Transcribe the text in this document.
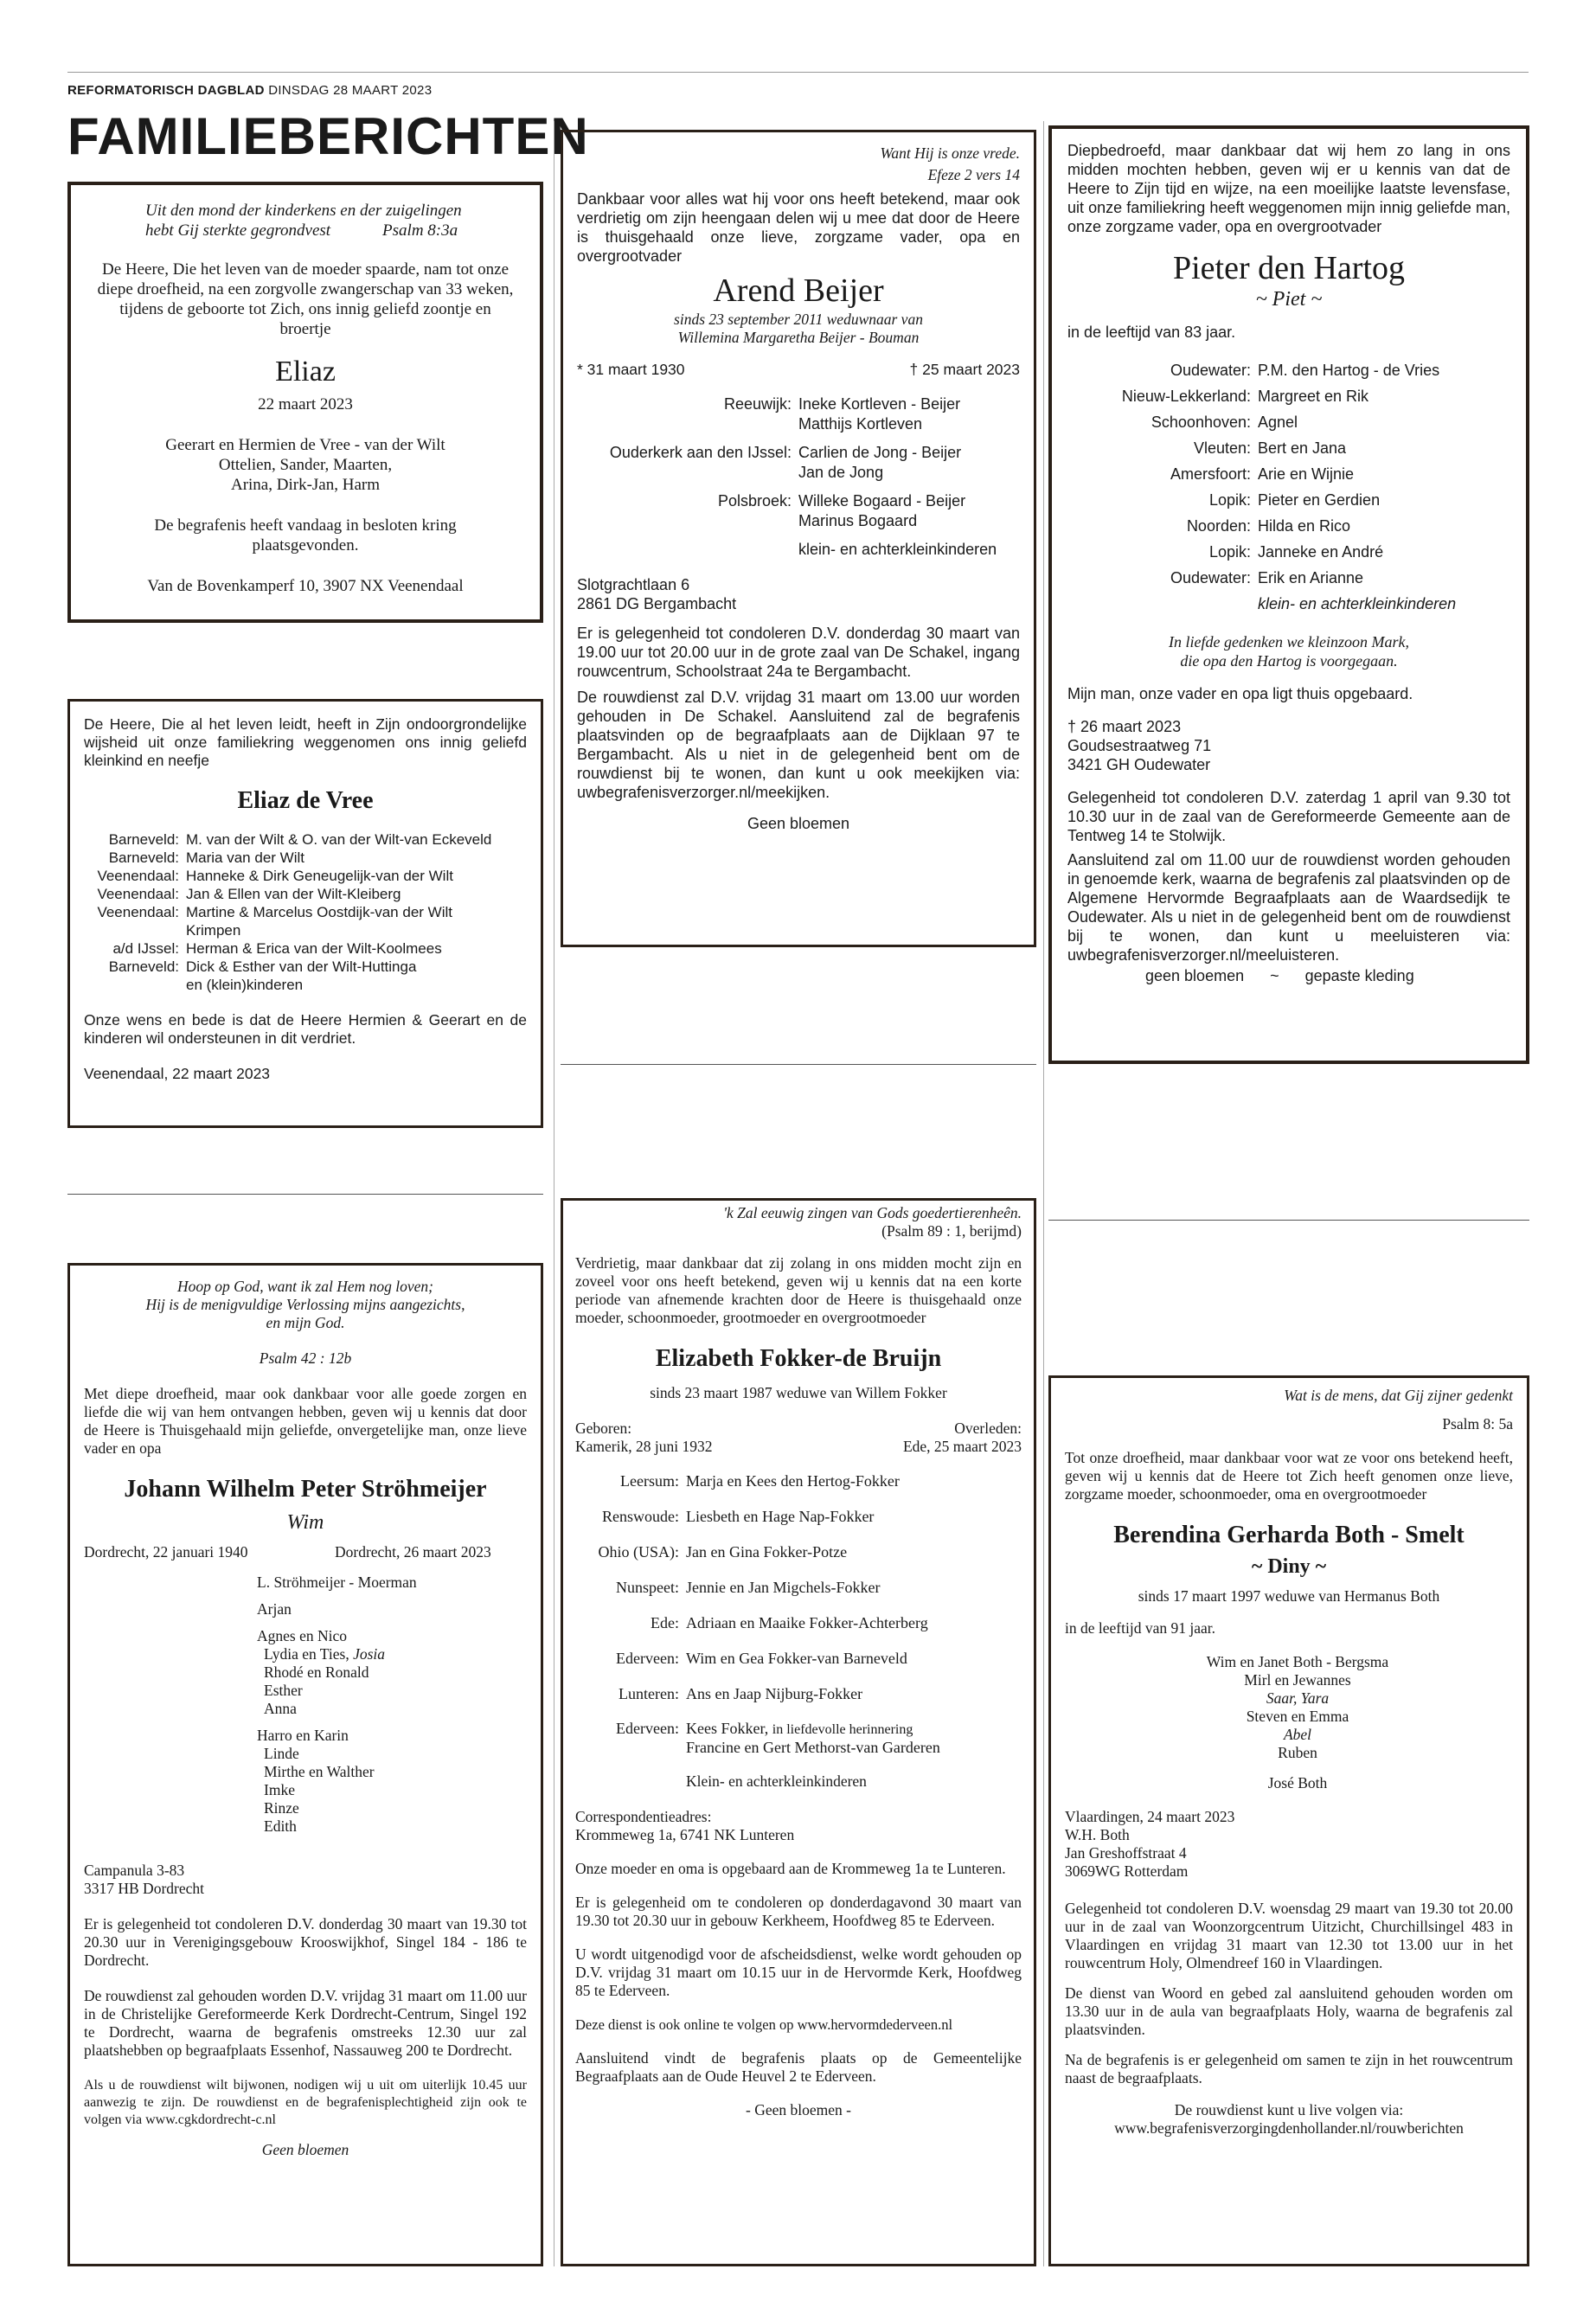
REFORMATORISCH DAGBLAD DINSDAG 28 MAART 2023
FAMILIEBERICHTEN

Uit den mond der kinderkens en der zuigelingen

hebt Gij sterkte gegrondvest	Psalm 8:3a

De Heere, Die het leven van de moeder spaarde, nam tot onze diepe droefheid, na een zorgvolle zwangerschap van 33 weken, tijdens de geboorte tot Zich, ons innig geliefd zoontje en broertje

Eliaz

22 maart 2023

Geerart en Hermien de Vree - van der Wilt

Ottelien, Sander, Maarten,

Arina, Dirk-Jan, Harm

De begrafenis heeft vandaag in besloten kring plaatsgevonden.

Van de Bovenkamperf 10, 3907 NX Veenendaal

De Heere, Die al het leven leidt, heeft in Zijn ondoorgrondelijke wijsheid uit onze familiekring weggenomen ons innig geliefd kleinkind en neefje

Eliaz de Vree

Barneveld: M. van der Wilt & O. van der Wilt-van Eckeveld
Barneveld: Maria van der Wilt
Veenendaal: Hanneke & Dirk Geneugelijk-van der Wilt
Veenendaal: Jan & Ellen van der Wilt-Kleiberg
Veenendaal: Martine & Marcelus Oostdijk-van der Wilt
Krimpen
a/d IJssel: Herman & Erica van der Wilt-Koolmees
Barneveld: Dick & Esther van der Wilt-Huttinga
en (klein)kinderen

Onze wens en bede is dat de Heere Hermien & Geerart en de kinderen wil ondersteunen in dit verdriet.

Veenendaal, 22 maart 2023

Hoop op God, want ik zal Hem nog loven;

Hij is de menigvuldige Verlossing mijns aangezichts,

en mijn God.

Psalm 42 : 12b

Met diepe droefheid, maar ook dankbaar voor alle goede zorgen en liefde die wij van hem ontvangen hebben, geven wij u kennis dat door de Heere is Thuisgehaald mijn geliefde, onvergetelijke man, onze lieve vader en opa

Johann Wilhelm Peter Ströhmeijer

Wim

Dordrecht, 22 januari 1940	Dordrecht, 26 maart 2023

L. Ströhmeijer - Moerman

Arjan

Agnes en Nico

Lydia en Ties, Josia

Rhodé en Ronald

Esther

Anna

Harro en Karin

Linde

Mirthe en Walther

Imke

Rinze

Edith

Campanula 3-83

3317 HB Dordrecht

Er is gelegenheid tot condoleren D.V. donderdag 30 maart van 19.30 tot 20.30 uur in Verenigingsgebouw Krooswijkhof, Singel 184 - 186 te Dordrecht.

De rouwdienst zal gehouden worden D.V. vrijdag 31 maart om 11.00 uur in de Christelijke Gereformeerde Kerk Dordrecht-Centrum, Singel 192 te Dordrecht, waarna de begrafenis omstreeks 12.30 uur zal plaatshebben op begraafplaats Essenhof, Nassauweg 200 te Dordrecht.

Als u de rouwdienst wilt bijwonen, nodigen wij u uit om uiterlijk 10.45 uur aanwezig te zijn. De rouwdienst en de begrafenisplechtigheid zijn ook te volgen via www.cgkdordrecht-c.nl

Geen bloemen

Want Hij is onze vrede.

Efeze 2 vers 14

Dankbaar voor alles wat hij voor ons heeft betekend, maar ook verdrietig om zijn heengaan delen wij u mee dat door de Heere is thuisgehaald onze lieve, zorgzame vader, opa en overgrootvader

Arend Beijer

sinds 23 september 2011 weduwnaar van

Willemina Margaretha Beijer - Bouman

* 31 maart 1930	† 25 maart 2023
Reeuwijk: Ineke Kortleven - Beijer
Matthijs Kortleven
Ouderkerk aan den IJssel: Carlien de Jong - Beijer
Jan de Jong
Polsbroek: Willeke Bogaard - Beijer
Marinus Bogaard
klein- en achterkleinkinderen

Slotgrachtlaan 6

2861 DG Bergambacht

Er is gelegenheid tot condoleren D.V. donderdag 30 maart van 19.00 uur tot 20.00 uur in de grote zaal van De Schakel, ingang rouwcentrum, Schoolstraat 24a te Bergambacht.

De rouwdienst zal D.V. vrijdag 31 maart om 13.00 uur worden gehouden in De Schakel. Aansluitend zal de begrafenis plaatsvinden op de begraafplaats aan de Dijklaan 97 te Bergambacht. Als u niet in de gelegenheid bent om de rouwdienst bij te wonen, dan kunt u ook meekijken via: uwbegrafenisverzorger.nl/meekijken.

Geen bloemen

'k Zal eeuwig zingen van Gods goedertierenheên.

(Psalm 89 : 1, berijmd)

Verdrietig, maar dankbaar dat zij zolang in ons midden mocht zijn en zoveel voor ons heeft betekend, geven wij u kennis dat na een korte periode van afnemende krachten door de Heere is thuisgehaald onze moeder, schoonmoeder, grootmoeder en overgrootmoeder

Elizabeth Fokker-de Bruijn

sinds 23 maart 1987 weduwe van Willem Fokker

Geboren:

Kamerik, 28 juni 1932

Overleden:

Ede, 25 maart 2023

Leersum: Marja en Kees den Hertog-Fokker
Renswoude: Liesbeth en Hage Nap-Fokker
Ohio (USA): Jan en Gina Fokker-Potze
Nunspeet: Jennie en Jan Migchels-Fokker
Ede: Adriaan en Maaike Fokker-Achterberg
Ederveen: Wim en Gea Fokker-van Barneveld
Lunteren: Ans en Jaap Nijburg-Fokker
Ederveen: Kees Fokker, in liefdevolle herinnering
Francine en Gert Methorst-van Garderen

Klein- en achterkleinkinderen

Correspondentieadres:

Krommeweg 1a, 6741 NK Lunteren

Onze moeder en oma is opgebaard aan de Krommeweg 1a te Lunteren.

Er is gelegenheid om te condoleren op donderdagavond 30 maart van 19.30 tot 20.30 uur in gebouw Kerkheem, Hoofdweg 85 te Ederveen.

U wordt uitgenodigd voor de afscheidsdienst, welke wordt gehouden op D.V. vrijdag 31 maart om 10.15 uur in de Hervormde Kerk, Hoofdweg 85 te Ederveen.

Deze dienst is ook online te volgen op www.hervormdederveen.nl

Aansluitend vindt de begrafenis plaats op de Gemeentelijke Begraafplaats aan de Oude Heuvel 2 te Ederveen.

- Geen bloemen -

Diepbedroefd, maar dankbaar dat wij hem zo lang in ons midden mochten hebben, geven wij er u kennis van dat de Heere to Zijn tijd en wijze, na een moeilijke laatste levensfase, uit onze familiekring heeft weggenomen mijn innig geliefde man, onze zorgzame vader, opa en overgrootvader

Pieter den Hartog

~ Piet ~

in de leeftijd van 83 jaar.

Oudewater: P.M. den Hartog - de Vries
Nieuw-Lekkerland: Margreet en Rik
Schoonhoven: Agnel
Vleuten: Bert en Jana
Amersfoort: Arie en Wijnie
Lopik: Pieter en Gerdien
Noorden: Hilda en Rico
Lopik: Janneke en André
Oudewater: Erik en Arianne

klein- en achterkleinkinderen

In liefde gedenken we kleinzoon Mark,

die opa den Hartog is voorgegaan.

Mijn man, onze vader en opa ligt thuis opgebaard.

† 26 maart 2023

Goudsestraatweg 71

3421 GH Oudewater

Gelegenheid tot condoleren D.V. zaterdag 1 april van 9.30 tot 10.30 uur in de zaal van de Gereformeerde Gemeente aan de Tentweg 14 te Stolwijk.

Aansluitend zal om 11.00 uur de rouwdienst worden gehouden in genoemde kerk, waarna de begrafenis zal plaatsvinden op de Algemene Hervormde Begraafplaats aan de Waardsedijk te Oudewater. Als u niet in de gelegenheid bent om de rouwdienst bij te wonen, dan kunt u meeluisteren via: uwbegrafenisverzorger.nl/meeluisteren.

geen bloemen ~ gepaste kleding

Wat is de mens, dat Gij zijner gedenkt

Psalm 8: 5a

Tot onze droefheid, maar dankbaar voor wat ze voor ons betekend heeft, geven wij u kennis dat de Heere tot Zich heeft genomen onze lieve, zorgzame moeder, schoonmoeder, oma en overgrootmoeder

Berendina Gerharda Both - Smelt

~ Diny ~

sinds 17 maart 1997 weduwe van Hermanus Both

in de leeftijd van 91 jaar.

Wim en Janet Both - Bergsma

Mirl en Jewannes

Saar, Yara

Steven en Emma

Abel

Ruben

José Both

Vlaardingen, 24 maart 2023

W.H. Both

Jan Greshoffstraat 4

3069WG Rotterdam

Gelegenheid tot condoleren D.V. woensdag 29 maart van 19.30 tot 20.00 uur in de zaal van Woonzorgcentrum Uitzicht, Churchillsingel 483 in Vlaardingen en vrijdag 31 maart van 12.30 tot 13.00 uur in het rouwcentrum Holy, Olmendreef 160 in Vlaardingen.

De dienst van Woord en gebed zal aansluitend gehouden worden om 13.30 uur in de aula van begraafplaats Holy, waarna de begrafenis zal plaatsvinden.

Na de begrafenis is er gelegenheid om samen te zijn in het rouwcentrum naast de begraafplaats.

De rouwdienst kunt u live volgen via:

www.begrafenisverzorgingdenhollander.nl/rouwberichten
